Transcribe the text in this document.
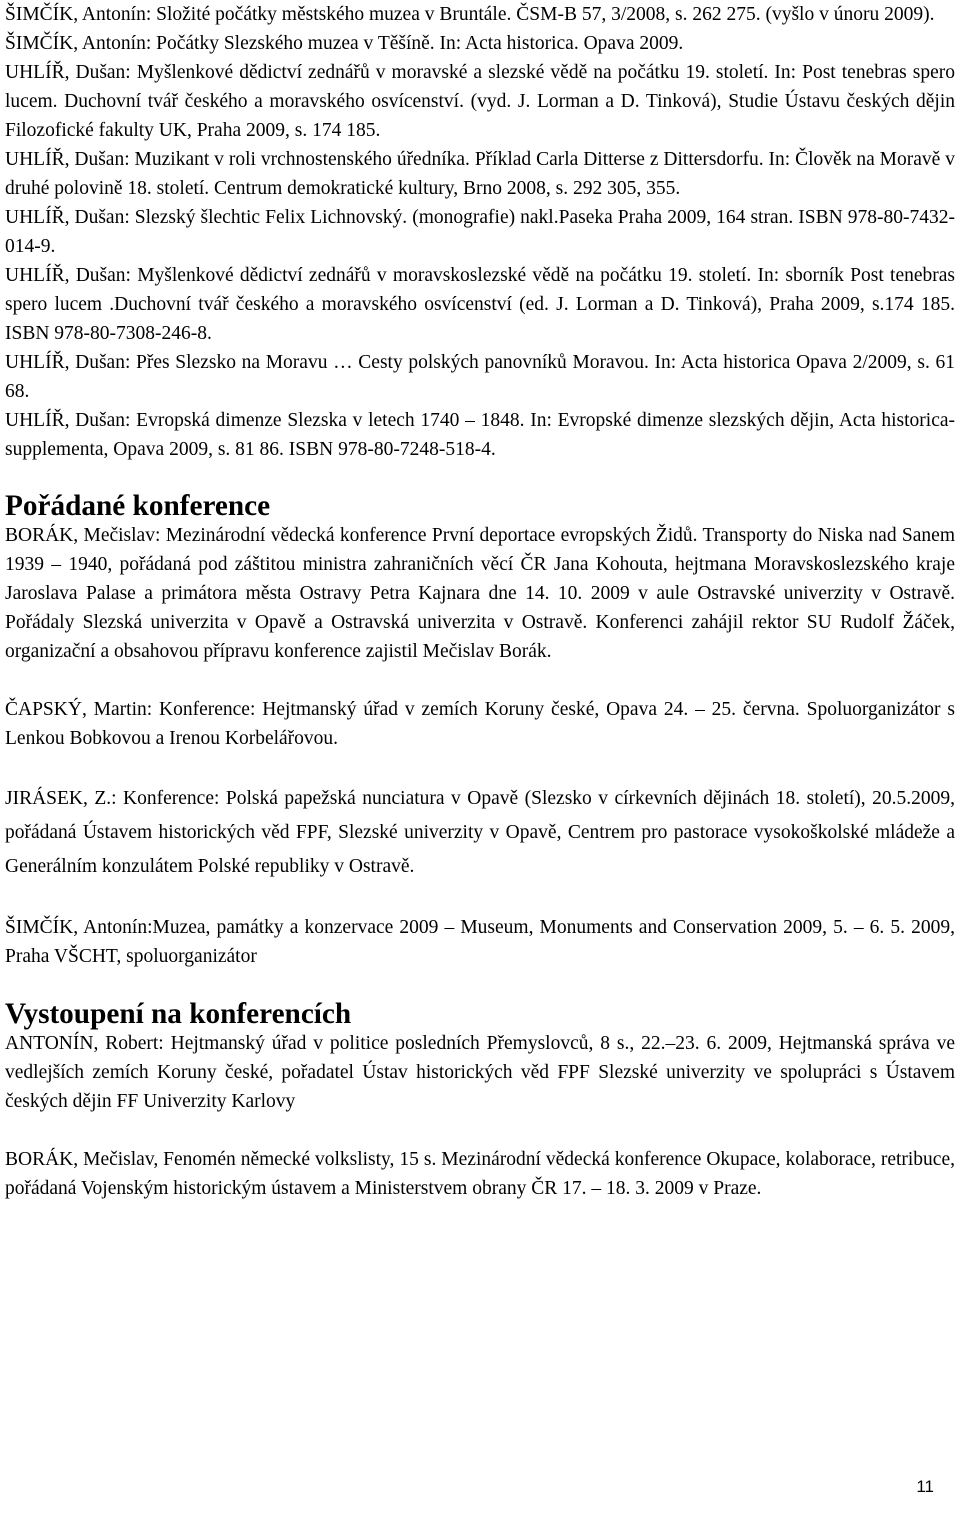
ŠIMČÍK, Antonín: Složité počátky městského muzea v Bruntále. ČSM-B 57, 3/2008, s. 262 275. (vyšlo v únoru 2009).

ŠIMČÍK, Antonín: Počátky Slezského muzea v Těšíně. In: Acta historica. Opava 2009.

UHLÍŘ, Dušan: Myšlenkové dědictví zednářů v moravské a slezské vědě na počátku 19. století. In: Post tenebras spero lucem. Duchovní tvář českého a moravského osvícenství. (vyd. J. Lorman a D. Tinková), Studie Ústavu českých dějin Filozofické fakulty UK, Praha 2009, s. 174 185.

UHLÍŘ, Dušan: Muzikant v roli vrchnostenského úředníka. Příklad Carla Ditterse z Dittersdorfu. In: Člověk na Moravě v druhé polovině 18. století. Centrum demokratické kultury, Brno 2008, s. 292 305, 355.

UHLÍŘ, Dušan: Slezský šlechtic Felix Lichnovský. (monografie) nakl.Paseka Praha 2009, 164 stran. ISBN 978-80-7432-014-9.

UHLÍŘ, Dušan: Myšlenkové dědictví zednářů v moravskoslezské vědě na počátku 19. století. In: sborník Post tenebras spero lucem .Duchovní tvář českého a moravského osvícenství (ed. J. Lorman a D. Tinková), Praha 2009, s.174 185. ISBN 978-80-7308-246-8.

UHLÍŘ, Dušan: Přes Slezsko na Moravu … Cesty polských panovníků Moravou. In: Acta historica Opava 2/2009, s. 61 68.

UHLÍŘ, Dušan: Evropská dimenze Slezska v letech 1740 – 1848. In: Evropské dimenze slezských dějin, Acta historica-supplementa, Opava 2009, s. 81 86. ISBN 978-80-7248-518-4.

Pořádané konference

BORÁK, Mečislav: Mezinárodní vědecká konference První deportace evropských Židů. Transporty do Niska nad Sanem 1939 – 1940, pořádaná pod záštitou ministra zahraničních věcí ČR Jana Kohouta, hejtmana Moravskoslezského kraje Jaroslava Palase a primátora města Ostravy Petra Kajnara dne 14. 10. 2009 v aule Ostravské univerzity v Ostravě. Pořádaly Slezská univerzita v Opavě a Ostravská univerzita v Ostravě. Konferenci zahájil rektor SU Rudolf Žáček, organizační a obsahovou přípravu konference zajistil Mečislav Borák.

ČAPSKÝ, Martin: Konference: Hejtmanský úřad v zemích Koruny české, Opava 24. – 25. června. Spoluorganizátor s Lenkou Bobkovou a Irenou Korbelářovou.

JIRÁSEK, Z.: Konference: Polská papežská nunciatura v Opavě (Slezsko v církevních dějinách 18. století), 20.5.2009, pořádaná Ústavem historických věd FPF, Slezské univerzity v Opavě, Centrem pro pastorace vysokoškolské mládeže a Generálním konzulátem Polské republiky v Ostravě.

ŠIMČÍK, Antonín:Muzea, památky a konzervace 2009 – Museum, Monuments and Conservation 2009, 5. – 6. 5. 2009, Praha VŠCHT, spoluorganizátor

Vystoupení na konferencích

ANTONÍN, Robert: Hejtmanský úřad v politice posledních Přemyslovců, 8 s., 22.–23. 6. 2009, Hejtmanská správa ve vedlejších zemích Koruny české, pořadatel Ústav historických věd FPF Slezské univerzity ve spolupráci s Ústavem českých dějin FF Univerzity Karlovy

BORÁK, Mečislav, Fenomén německé volkslisty, 15 s. Mezinárodní vědecká konference Okupace, kolaborace, retribuce, pořádaná Vojenským historickým ústavem a Ministerstvem obrany ČR 17. – 18. 3. 2009 v Praze.

11
